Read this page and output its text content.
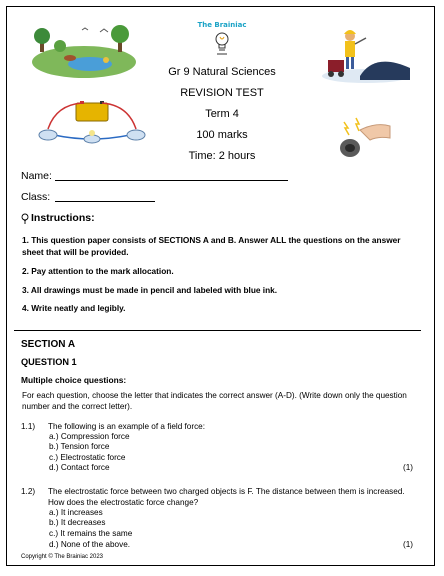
The Brainiac
Gr 9 Natural Sciences
REVISION TEST
Term 4
100 marks
Time: 2 hours
Name:
Class:
Instructions:
1. This question paper consists of SECTIONS A and B. Answer ALL the questions on the answer sheet that will be provided.
2. Pay attention to the mark allocation.
3. All drawings must be made in pencil and labeled with blue ink.
4. Write neatly and legibly.
SECTION A
QUESTION 1
Multiple choice questions:
For each question, choose the letter that indicates the correct answer (A-D). (Write down only the question number and the correct letter).
1.1) The following is an example of a field force:
a.) Compression force
b.) Tension force
c.) Electrostatic force
d.) Contact force	(1)
1.2) The electrostatic force between two charged objects is F. The distance between them is increased. How does the electrostatic force change?
a.) It increases
b.) It decreases
c.) It remains the same
d.) None of the above.	(1)
Copyright © The Brainiac 2023
